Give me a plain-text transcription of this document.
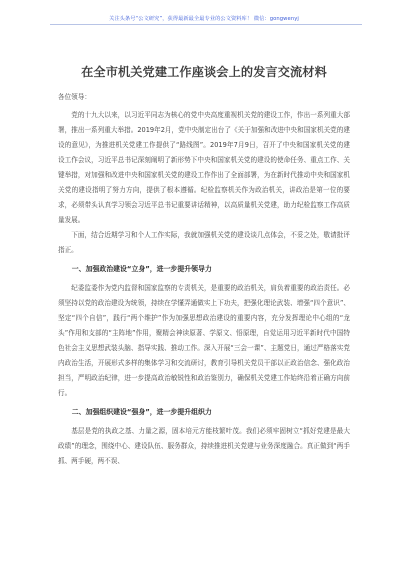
关注头条号“公文研究”，获得最新最全最专业的公文资料库！ 微信：gongwenyj
在全市机关党建工作座谈会上的发言交流材料

各位领导：

党的十九大以来，以习近平同志为核心的党中央高度重视机关党的建设工作，作出一系列重大部署，推出一系列重大举措。2019年2月，党中央制定出台了《关于加强和改进中央和国家机关党的建设的意见》，为推进机关党建工作提供了“路线图”。2019年7月9日，召开了中央和国家机关党的建设工作会议，习近平总书记深刻阐明了新形势下中央和国家机关党的建设的使命任务、重点工作、关键举措，对加强和改进中央和国家机关党的建设工作作出了全面部署，为在新时代推动中央和国家机关党的建设指明了努力方向，提供了根本遵循。纪检监察机关作为政治机关，讲政治是第一位的要求，必须带头认真学习领会习近平总书记重要讲话精神，以高质量机关党建，助力纪检监察工作高质量发展。

下面，结合近期学习和个人工作实际，我就加强机关党的建设谈几点体会，不妥之处，敬请批评指正。

一、加强政治建设“立身”，进一步提升领导力

纪委监委作为党内监督和国家监察的专责机关，是重要的政治机关，肩负着重要的政治责任。必须坚持以党的政治建设为统领，持续在学懂弄通做实上下功夫，把强化理论武装、增强“四个意识”、坚定“四个自信”，践行“两个维护”作为加强思想政治建设的重要内容，充分发挥理论中心组的“龙头”作用和支部的“主阵地”作用，聚精会神读原著、学原文、悟原理，自觉运用习近平新时代中国特色社会主义思想武装头脑、指导实践、推动工作。深入开展“三会一课”、主题党日，通过严格落实党内政治生活，开展形式多样的集体学习和交流研讨，教育引导机关党员干部以正政治信念、强化政治担当，严明政治纪律，进一步提高政治敏锐性和政治鉴别力，确保机关党建工作始终沿着正确方向前行。

二、加强组织建设“强身”，进一步提升组织力

基层是党的执政之基、力量之源，固本培元方能枝繁叶茂。我们必须牢固树立“抓好党建是最大政绩”的理念，围绕中心、建设队伍、服务群众，持续推进机关党建与业务深度融合。真正做到“两手抓、两手硬，两不误、
